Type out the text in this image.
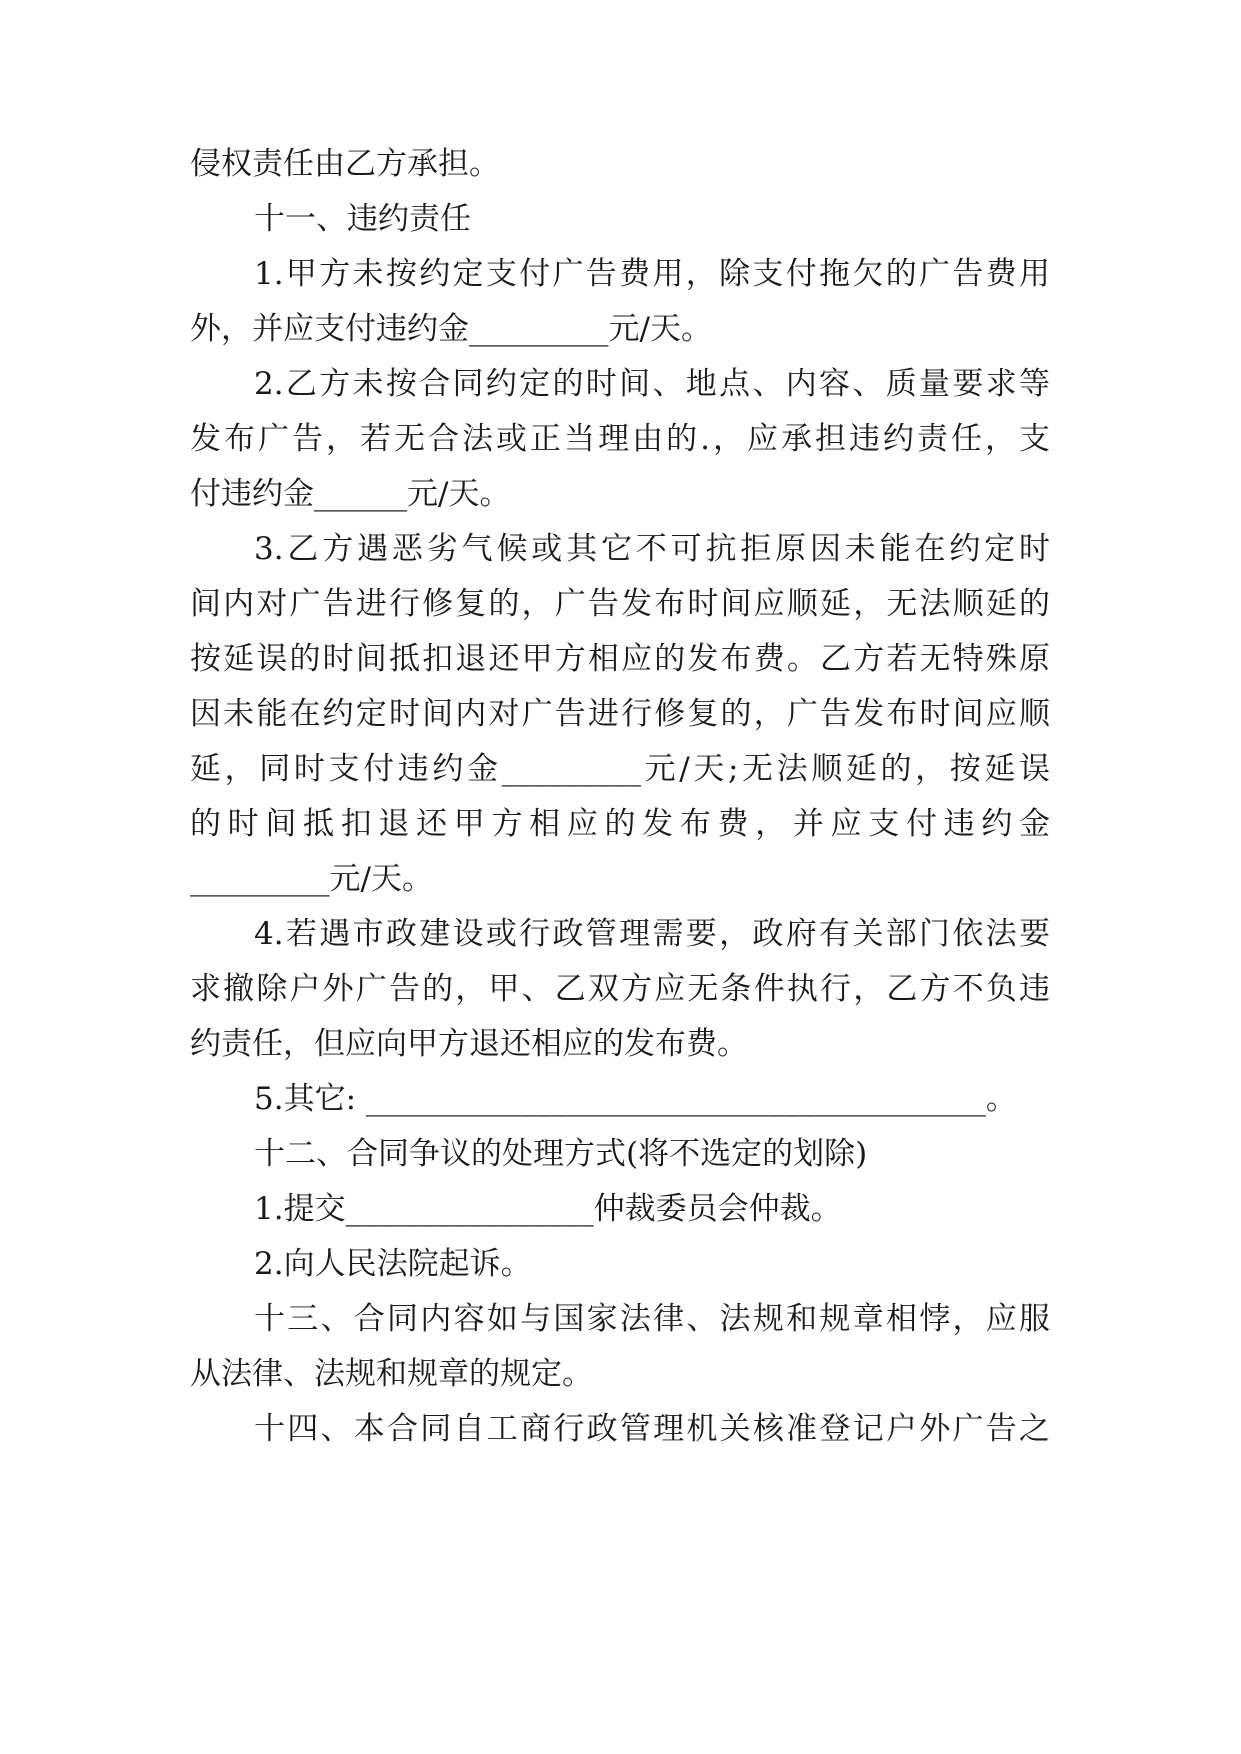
侵权责任由乙方承担。
十一、违约责任
1.甲方未按约定支付广告费用，除支付拖欠的广告费用
外，并应支付违约金_________元/天。
2.乙方未按合同约定的时间、地点、内容、质量要求等
发布广告，若无合法或正当理由的.，应承担违约责任，支
付违约金______元/天。
3.乙方遇恶劣气候或其它不可抗拒原因未能在约定时
间内对广告进行修复的，广告发布时间应顺延，无法顺延的
按延误的时间抵扣退还甲方相应的发布费。乙方若无特殊原
因未能在约定时间内对广告进行修复的，广告发布时间应顺
延，同时支付违约金_________元/天;无法顺延的，按延误
的时间抵扣退还甲方相应的发布费，并应支付违约金
_________元/天。
4.若遇市政建设或行政管理需要，政府有关部门依法要
求撤除户外广告的，甲、乙双方应无条件执行，乙方不负违
约责任，但应向甲方退还相应的发布费。
5.其它: ________________________________________。
十二、合同争议的处理方式(将不选定的划除)
1.提交________________仲裁委员会仲裁。
2.向人民法院起诉。
十三、合同内容如与国家法律、法规和规章相悖，应服
从法律、法规和规章的规定。
十四、本合同自工商行政管理机关核准登记户外广告之
